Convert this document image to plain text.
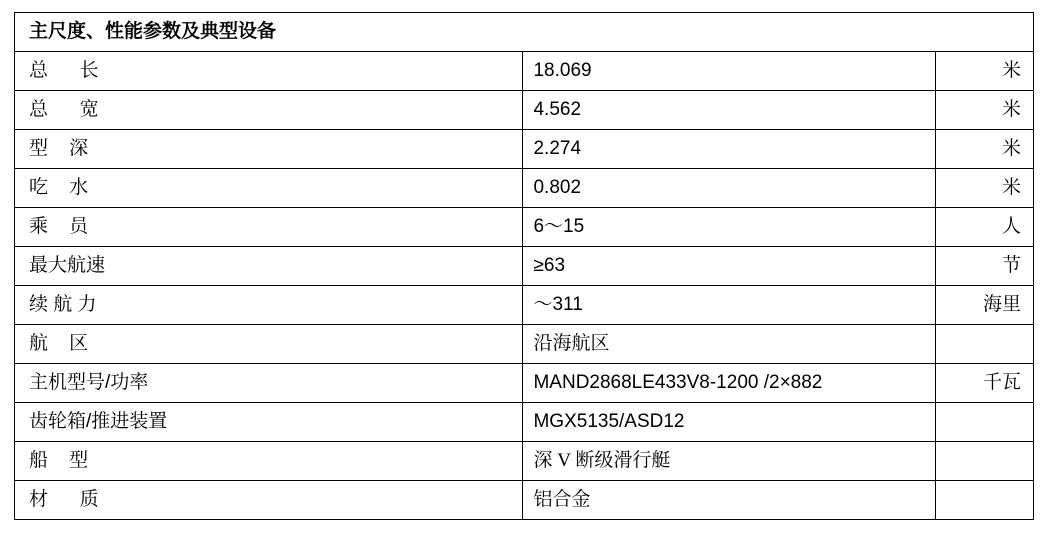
主尺度、性能参数及典型设备		
总      长	18.069	米
总      宽	4.562	米
型    深	2.274	米
吃    水	0.802	米
乘    员	6～15	人
最大航速	≥63	节
续 航 力	～311	海里
航    区	沿海航区	
主机型号/功率	MAND2868LE433V8-1200 /2×882	千瓦
齿轮箱/推进装置	MGX5135/ASD12	
船    型	深 V 断级滑行艇	
材      质	铝合金	
